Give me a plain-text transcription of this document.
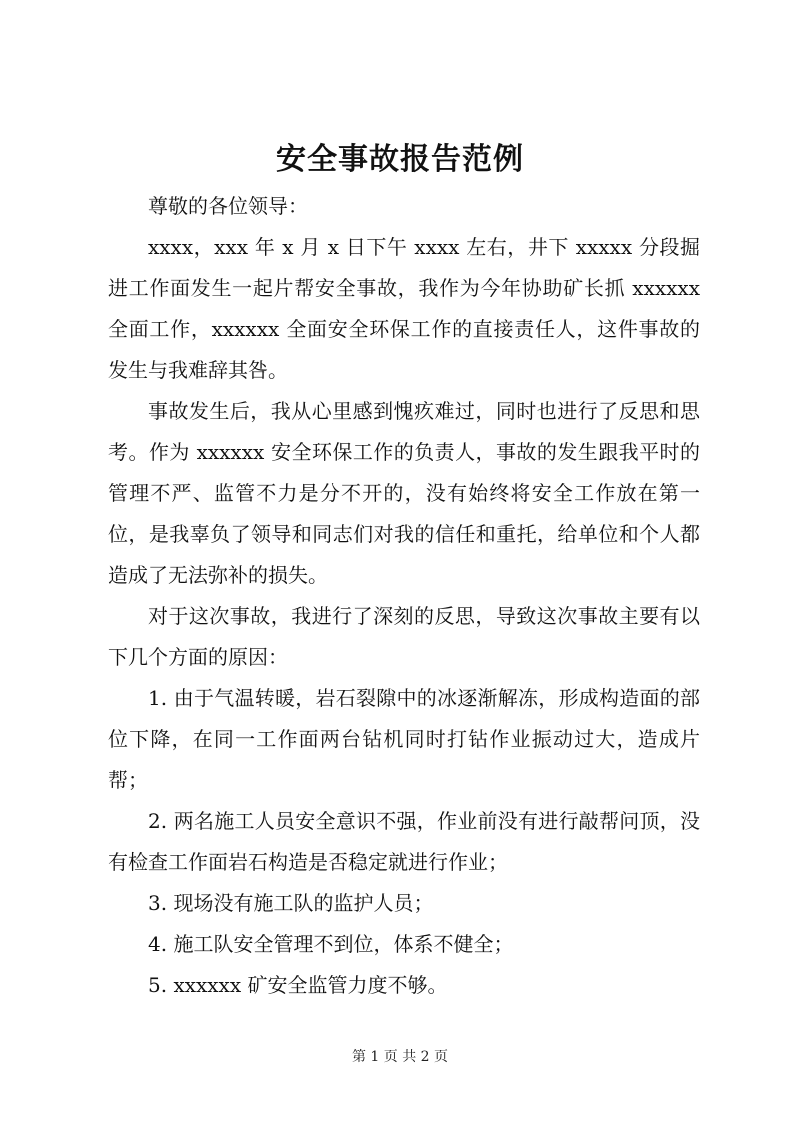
安全事故报告范例

尊敬的各位领导：

xxxx，xxx 年 x 月 x 日下午 xxxx 左右，井下 xxxxx 分段掘进工作面发生一起片帮安全事故，我作为今年协助矿长抓 xxxxxx 全面工作，xxxxxx 全面安全环保工作的直接责任人，这件事故的发生与我难辞其咎。

事故发生后，我从心里感到愧疚难过，同时也进行了反思和思考。作为 xxxxxx 安全环保工作的负责人，事故的发生跟我平时的管理不严、监管不力是分不开的，没有始终将安全工作放在第一位，是我辜负了领导和同志们对我的信任和重托，给单位和个人都造成了无法弥补的损失。

对于这次事故，我进行了深刻的反思，导致这次事故主要有以下几个方面的原因：

1. 由于气温转暖，岩石裂隙中的冰逐渐解冻，形成构造面的部位下降，在同一工作面两台钻机同时打钻作业振动过大，造成片帮；

2. 两名施工人员安全意识不强，作业前没有进行敲帮问顶，没有检查工作面岩石构造是否稳定就进行作业；

3. 现场没有施工队的监护人员；

4. 施工队安全管理不到位，体系不健全；

5. xxxxxx 矿安全监管力度不够。

第 1 页 共 2 页
